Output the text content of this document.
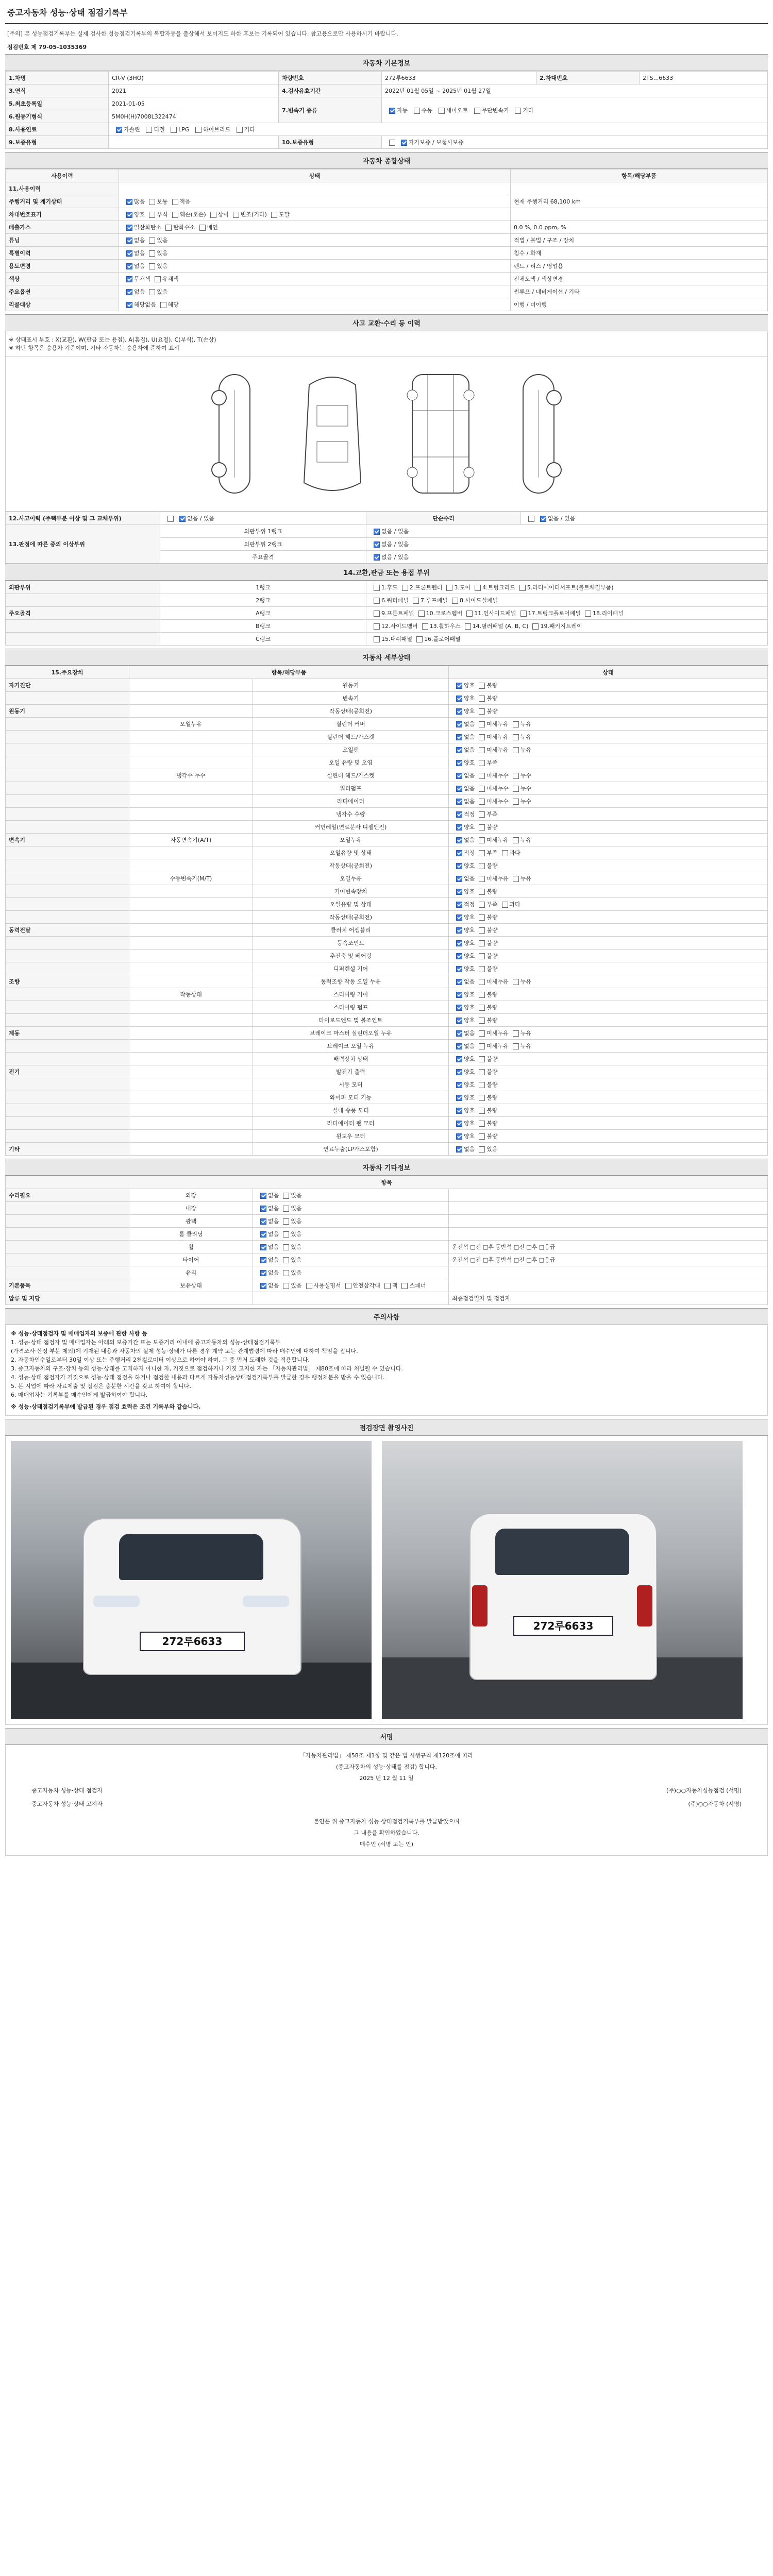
중고자동차 성능·상태 점검기록부
[주의] 본 성능점검기록부는 실제 검사한 성능점검기록부의 복합자동을 출상해서 보이지도 하한 후보는 기록되어 있습니다. 참고용으로만 사용하시기 바랍니다.
점검번호 제 79-05-1035369
자동차 기본정보
1.차명	CR-V (3HO)	차량번호	272루6633	2.차대번호	2TS...6633
3.연식	2021	4.검사유효기간	2022년 01월 05일 ~ 2025년 01월 27일		
5.최초등록일	2021-01-05	7.변속기 종류	자동 수동 세미오토 무단변속기 기타		
6.원동기형식	5M0H(H)7008L322474				
8.사용연료	가솔린 디젤 LPG 하이브리드 기타				
9.보증유형		10.보증유형	자가보증 / 보험사보증		
자동차 종합상태
사용이력	상태	항목/해당부품
11.사용이력		
주행거리 및 계기상태	많음 보통 적음	현재 주행거리 68,100 km
차대번호표기	양호 부식 훼손(오손) 상이 변조(기타) 도말	
배출가스	일산화탄소 탄화수소 매연	0.0 %, 0.0 ppm, %
튜닝	없음 있음	적법 / 불법 / 구조 / 장치
특별이력	없음 있음	침수 / 화재
용도변경	없음 있음	렌트 / 리스 / 영업용
색상	무채색 유채색	전체도색 / 색상변경
주요옵션	없음 있음	썬루프 / 네비게이션 / 기타
리콜대상	해당없음 해당	이행 / 미이행
사고 교환·수리 등 이력
※ 상태표시 부호 : X(교환), W(판금 또는 용접), A(흠집), U(요철), C(부식), T(손상)
※ 하단 항목은 승용차 기준이며, 기타 자동차는 승용차에 준하여 표시
12.사고이력 (주택부분 이상 및 그 교체부위)	없음 / 있음	단순수리	없음 / 있음
13.판정에 따른 중의 이상부위	외판부위 1랭크	없음 / 있음	
	외판부위 2랭크	없음 / 있음	
	주요골격	없음 / 있음	
14.교환,판금 또는 용접 부위
외판부위	1랭크	1.후드 2.프론트펜더 3.도어 4.트렁크리드 5.라디에이터서포트(볼트체결부품)
	2랭크	6.쿼터패널 7.루프패널 8.사이드실패널
주요골격	A랭크	9.프론트패널 10.크로스멤버 11.인사이드패널 17.트렁크플로어패널 18.리어패널
	B랭크	12.사이드멤버 13.휠하우스 14.필러패널 (A, B, C) 19.패키지트레이
	C랭크	15.대쉬패널 16.플로어패널
자동차 세부상태
15.주요장치	항목/해당부품		상태
자기진단		원동기	양호 불량
		변속기	양호 불량
원동기		작동상태(공회전)	양호 불량
	오일누유	실린더 커버	없음 미세누유 누유
		실린더 헤드/가스켓	없음 미세누유 누유
		오일팬	없음 미세누유 누유
		오일 유량 및 오염	양호 부족
	냉각수 누수	실린더 헤드/가스켓	없음 미세누수 누수
		워터펌프	없음 미세누수 누수
		라디에이터	없음 미세누수 누수
		냉각수 수량	적정 부족
		커먼레일(연료분사 디젤엔진)	양호 불량
변속기	자동변속기(A/T)	오일누유	없음 미세누유 누유
		오일유량 및 상태	적정 부족 과다
		작동상태(공회전)	양호 불량
	수동변속기(M/T)	오일누유	없음 미세누유 누유
		기어변속장치	양호 불량
		오일유량 및 상태	적정 부족 과다
		작동상태(공회전)	양호 불량
동력전달		클러치 어셈블리	양호 불량
		등속조인트	양호 불량
		추진축 및 베어링	양호 불량
		디퍼렌셜 기어	양호 불량
조향		동력조향 작동 오일 누유	없음 미세누유 누유
	작동상태	스티어링 기어	양호 불량
		스티어링 펌프	양호 불량
		타이로드엔드 및 볼조인트	양호 불량
제동		브레이크 마스터 실린더오일 누유	없음 미세누유 누유
		브레이크 오일 누유	없음 미세누유 누유
		배력장치 상태	양호 불량
전기		발전기 출력	양호 불량
		시동 모터	양호 불량
		와이퍼 모터 기능	양호 불량
		실내 송풍 모터	양호 불량
		라디에이터 팬 모터	양호 불량
		윈도우 모터	양호 불량
기타		연료누출(LP가스포함)	없음 있음
자동차 기타정보
항목			
수리필요	외장	없음 있음	
	내장	없음 있음	
	광택	없음 있음	
	룸 클리닝	없음 있음	
	휠	없음 있음	운전석 □전 □후 동반석 □전 □후 □응급
	타이어	없음 있음	운전석 □전 □후 동반석 □전 □후 □응급
	유리	없음 있음	
기본품목	보유상태	없음 있음 사용설명서 안전삼각대 잭 스패너	
압류 및 저당			최종점검일자 및 점검자
주의사항
※ 성능·상태점검자 및 매매업자의 보증에 관한 사항 등
1. 성능·상태 점검자 및 매매업자는 아래의 보증기간 또는 보증거리 이내에 중고자동차의 성능·상태점검기록부
(가격조사·산정 부분 제외)에 기재된 내용과 자동차의 실제 성능·상태가 다른 경우 계약 또는 관계법령에 따라 매수인에 대하여 책임을 집니다.
2. 자동차인수일로부터 30일 이상 또는 주행거리 2천킬로미터 이상으로 하여야 하며, 그 중 먼저 도래한 것을 적용합니다.
3. 중고자동차의 구조·장치 등의 성능·상태를 고지하지 아니한 자, 거짓으로 점검하거나 거짓 고지한 자는 「자동차관리법」 제80조에 따라 처벌될 수 있습니다.
4. 성능·상태 점검자가 거짓으로 성능·상태 점검을 하거나 점검한 내용과 다르게 자동차성능상태점검기록부를 발급한 경우 행정처분을 받을 수 있습니다.
5. 본 시업에 따라 자료제출 및 점검은 충분한 시간을 갖고 하여야 합니다.
6. 매매업자는 기록부를 매수인에게 발급하여야 합니다.
※ 성능·상태점검기록부에 발급된 경우 점검 효력은 조건 기록부와 같습니다.
점검장면 촬영사진
272루6633
272루6633
서명
「자동차관리법」 제58조 제1항 및 같은 법 시행규칙 제120조에 따라
(중고자동차의 성능·상태를 점검) 합니다.
2025 년 12 월 11 일
중고자동차 성능·상태 점검자	(주)○○자동차성능점검 (서명)
중고자동차 성능·상태 고지자	(주)○○자동차 (서명)
본인은 위 중고자동차 성능·상태점검기록부를 발급받았으며
그 내용을 확인하였습니다.
매수인 (서명 또는 인)
